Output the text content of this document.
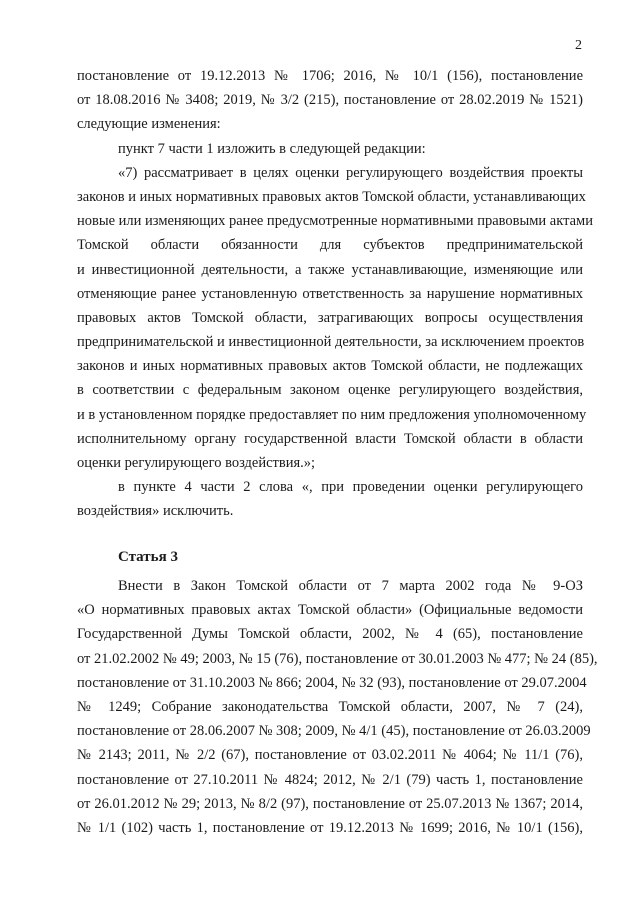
2
постановление от 19.12.2013 № 1706; 2016, № 10/1 (156), постановление
от 18.08.2016 № 3408; 2019, № 3/2 (215), постановление от 28.02.2019 № 1521)
следующие изменения:
пункт 7 части 1 изложить в следующей редакции:
«7) рассматривает в целях оценки регулирующего воздействия проекты
законов и иных нормативных правовых актов Томской области, устанавливающих
новые или изменяющих ранее предусмотренные нормативными правовыми актами
Томской области обязанности для субъектов предпринимательской
и инвестиционной деятельности, а также устанавливающие, изменяющие или
отменяющие ранее установленную ответственность за нарушение нормативных
правовых актов Томской области, затрагивающих вопросы осуществления
предпринимательской и инвестиционной деятельности, за исключением проектов
законов и иных нормативных правовых актов Томской области, не подлежащих
в соответствии с федеральным законом оценке регулирующего воздействия,
и в установленном порядке предоставляет по ним предложения уполномоченному
исполнительному органу государственной власти Томской области в области
оценки регулирующего воздействия.»;
в пункте 4 части 2 слова «, при проведении оценки регулирующего
воздействия» исключить.
Статья 3
Внести в Закон Томской области от 7 марта 2002 года № 9-ОЗ
«О нормативных правовых актах Томской области» (Официальные ведомости
Государственной Думы Томской области, 2002, № 4 (65), постановление
от 21.02.2002 № 49; 2003, № 15 (76), постановление от 30.01.2003 № 477; № 24 (85),
постановление от 31.10.2003 № 866; 2004, № 32 (93), постановление от 29.07.2004
№ 1249; Собрание законодательства Томской области, 2007, № 7 (24),
постановление от 28.06.2007 № 308; 2009, № 4/1 (45), постановление от 26.03.2009
№ 2143; 2011, № 2/2 (67), постановление от 03.02.2011 № 4064; № 11/1 (76),
постановление от 27.10.2011 № 4824; 2012, № 2/1 (79) часть 1, постановление
от 26.01.2012 № 29; 2013, № 8/2 (97), постановление от 25.07.2013 № 1367; 2014,
№ 1/1 (102) часть 1, постановление от 19.12.2013 № 1699; 2016, № 10/1 (156),
